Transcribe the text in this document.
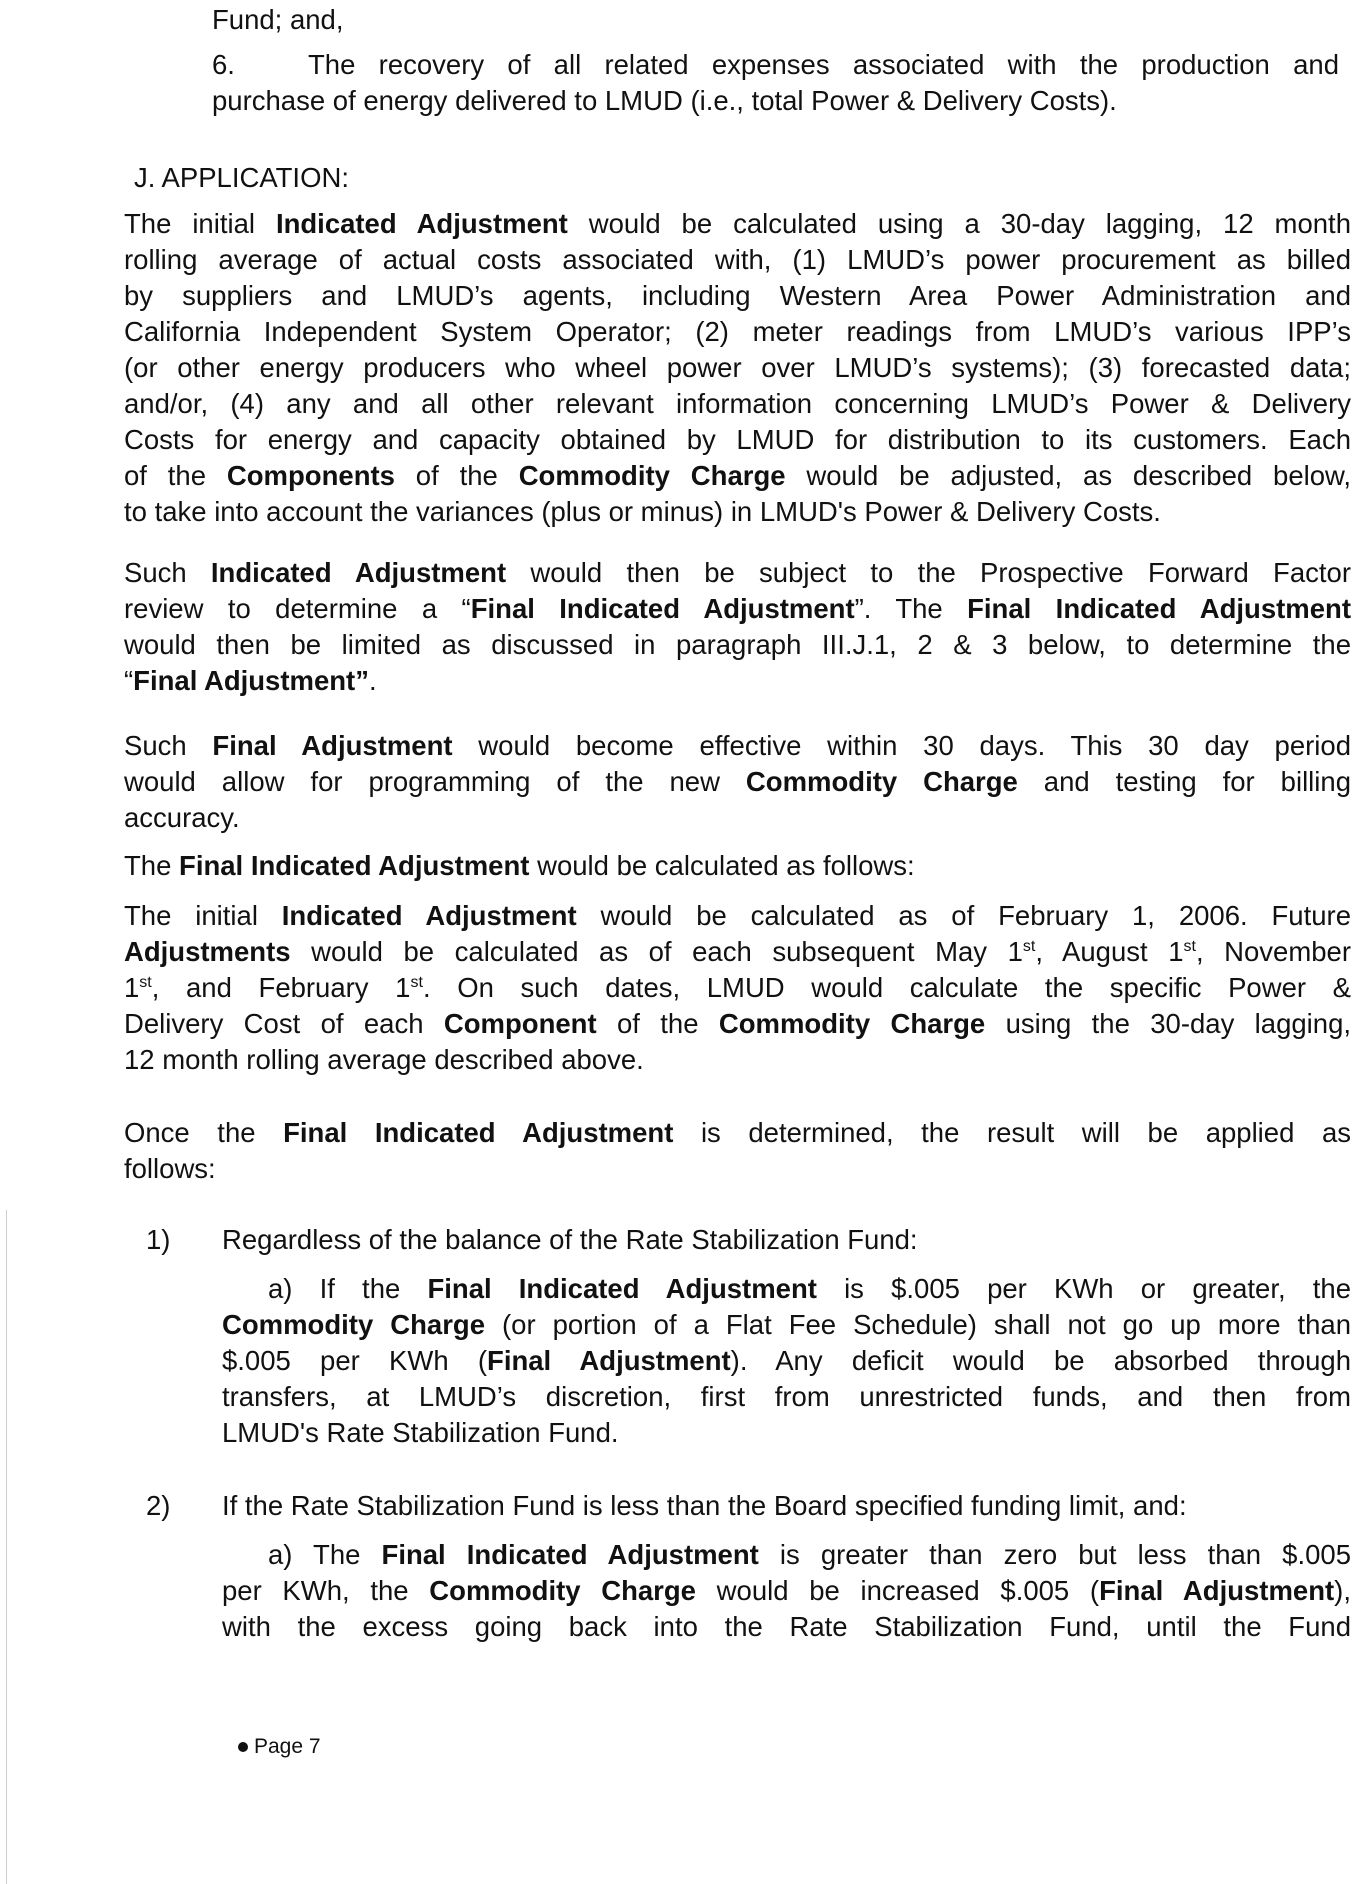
Fund; and,
6.	The recovery of all related expenses associated with the production and
purchase of energy delivered to LMUD (i.e., total Power & Delivery Costs).
J. APPLICATION:
The initial Indicated Adjustment would be calculated using a 30-day lagging, 12 month
rolling average of actual costs associated with, (1) LMUD’s power procurement as billed
by suppliers and LMUD’s agents, including Western Area Power Administration and
California Independent System Operator; (2) meter readings from LMUD’s various IPP’s
(or other energy producers who wheel power over LMUD’s systems); (3) forecasted data;
and/or, (4) any and all other relevant information concerning LMUD’s Power & Delivery
Costs for energy and capacity obtained by LMUD for distribution to its customers. Each
of the Components of the Commodity Charge would be adjusted, as described below,
to take into account the variances (plus or minus) in LMUD's Power & Delivery Costs.
Such Indicated Adjustment would then be subject to the Prospective Forward Factor
review to determine a “Final Indicated Adjustment”. The Final Indicated Adjustment
would then be limited as discussed in paragraph III.J.1, 2 & 3 below, to determine the
“Final Adjustment”.
Such Final Adjustment would become effective within 30 days. This 30 day period
would allow for programming of the new Commodity Charge and testing for billing
accuracy.
The Final Indicated Adjustment would be calculated as follows:
The initial Indicated Adjustment would be calculated as of February 1, 2006. Future
Adjustments would be calculated as of each subsequent May 1st, August 1st, November
1st, and February 1st. On such dates, LMUD would calculate the specific Power &
Delivery Cost of each Component of the Commodity Charge using the 30-day lagging,
12 month rolling average described above.
Once the Final Indicated Adjustment is determined, the result will be applied as
follows:
1) Regardless of the balance of the Rate Stabilization Fund:
a) If the Final Indicated Adjustment is $.005 per KWh or greater, the
Commodity Charge (or portion of a Flat Fee Schedule) shall not go up more than
$.005 per KWh (Final Adjustment). Any deficit would be absorbed through
transfers, at LMUD’s discretion, first from unrestricted funds, and then from
LMUD's Rate Stabilization Fund.
2) If the Rate Stabilization Fund is less than the Board specified funding limit, and:
a) The Final Indicated Adjustment is greater than zero but less than $.005
per KWh, the Commodity Charge would be increased $.005 (Final Adjustment),
with the excess going back into the Rate Stabilization Fund, until the Fund
Page 7
